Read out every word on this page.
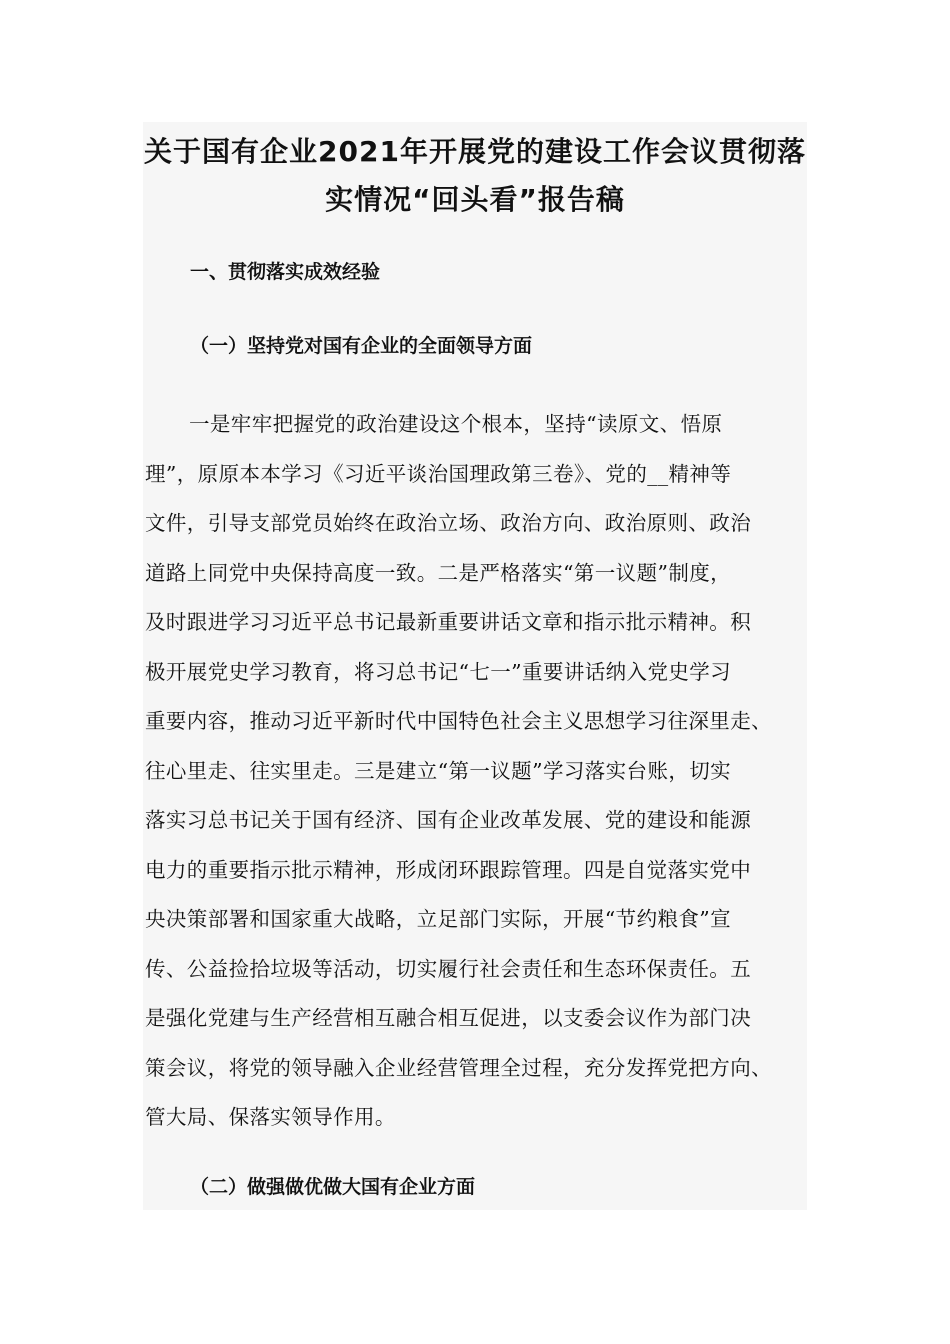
关于国有企业2021年开展党的建设工作会议贯彻落
实情况“回头看”报告稿
一、贯彻落实成效经验
（一）坚持党对国有企业的全面领导方面
一是牢牢把握党的政治建设这个根本，坚持“读原文、悟原
理”，原原本本学习《习近平谈治国理政第三卷》、党的__精神等
文件，引导支部党员始终在政治立场、政治方向、政治原则、政治
道路上同党中央保持高度一致。二是严格落实“第一议题”制度，
及时跟进学习习近平总书记最新重要讲话文章和指示批示精神。积
极开展党史学习教育，将习总书记“七一”重要讲话纳入党史学习
重要内容，推动习近平新时代中国特色社会主义思想学习往深里走、
往心里走、往实里走。三是建立“第一议题”学习落实台账，切实
落实习总书记关于国有经济、国有企业改革发展、党的建设和能源
电力的重要指示批示精神，形成闭环跟踪管理。四是自觉落实党中
央决策部署和国家重大战略，立足部门实际，开展“节约粮食”宣
传、公益捡拾垃圾等活动，切实履行社会责任和生态环保责任。五
是强化党建与生产经营相互融合相互促进，以支委会议作为部门决
策会议，将党的领导融入企业经营管理全过程，充分发挥党把方向、
管大局、保落实领导作用。
（二）做强做优做大国有企业方面
